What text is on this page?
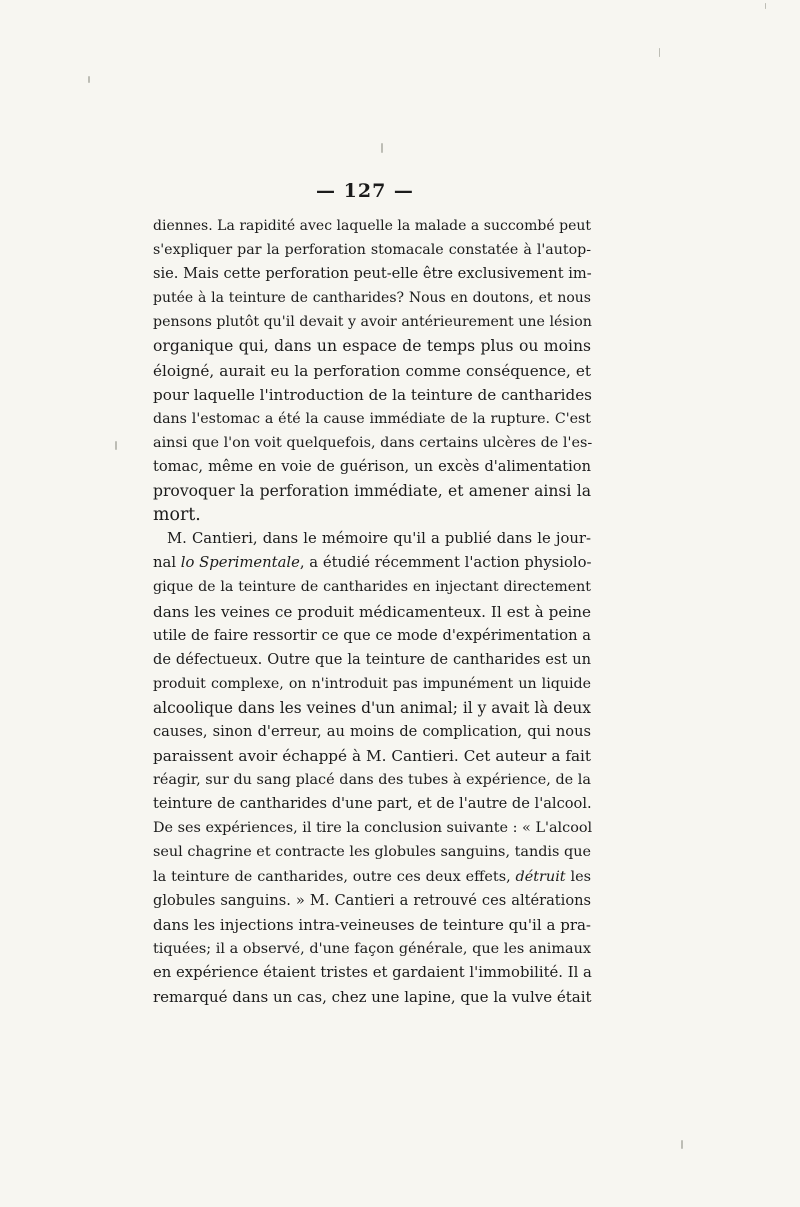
— 127 —
diennes. La rapidité avec laquelle la malade a succombé peut
s'expliquer par la perforation stomacale constatée à l'autop-
sie. Mais cette perforation peut-elle être exclusivement im-
putée à la teinture de cantharides? Nous en doutons, et nous
pensons plutôt qu'il devait y avoir antérieurement une lésion
organique qui, dans un espace de temps plus ou moins
éloigné, aurait eu la perforation comme conséquence, et
pour laquelle l'introduction de la teinture de cantharides
dans l'estomac a été la cause immédiate de la rupture. C'est
ainsi que l'on voit quelquefois, dans certains ulcères de l'es-
tomac, même en voie de guérison, un excès d'alimentation
provoquer la perforation immédiate, et amener ainsi la
mort.
M. Cantieri, dans le mémoire qu'il a publié dans le jour-
nal lo Sperimentale, a étudié récemment l'action physiolo-
gique de la teinture de cantharides en injectant directement
dans les veines ce produit médicamenteux. Il est à peine
utile de faire ressortir ce que ce mode d'expérimentation a
de défectueux. Outre que la teinture de cantharides est un
produit complexe, on n'introduit pas impunément un liquide
alcoolique dans les veines d'un animal; il y avait là deux
causes, sinon d'erreur, au moins de complication, qui nous
paraissent avoir échappé à M. Cantieri. Cet auteur a fait
réagir, sur du sang placé dans des tubes à expérience, de la
teinture de cantharides d'une part, et de l'autre de l'alcool.
De ses expériences, il tire la conclusion suivante : « L'alcool
seul chagrine et contracte les globules sanguins, tandis que
la teinture de cantharides, outre ces deux effets, détruit les
globules sanguins. » M. Cantieri a retrouvé ces altérations
dans les injections intra-veineuses de teinture qu'il a pra-
tiquées; il a observé, d'une façon générale, que les animaux
en expérience étaient tristes et gardaient l'immobilité. Il a
remarqué dans un cas, chez une lapine, que la vulve était
